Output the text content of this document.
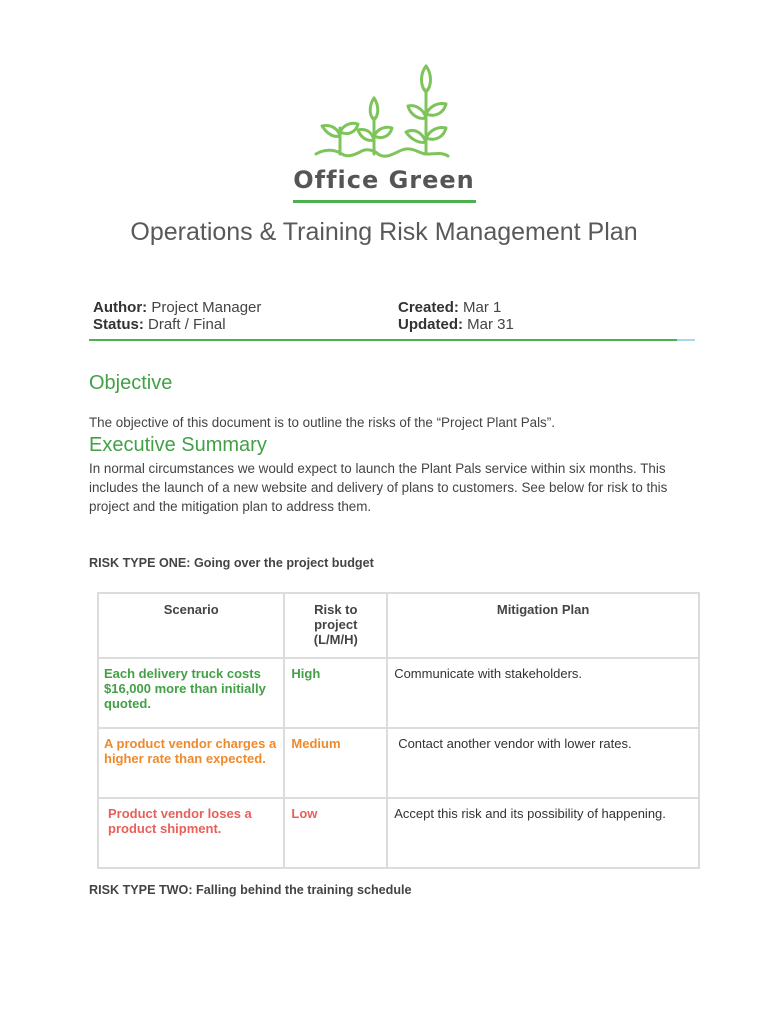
Office Green
Operations & Training Risk Management Plan
Author: Project Manager
Status: Draft / Final
Created: Mar 1
Updated: Mar 31
Objective
The objective of this document is to outline the risks of the “Project Plant Pals”.
Executive Summary
In normal circumstances we would expect to launch the Plant Pals service within six months. This includes the launch of a new website and delivery of plans to customers. See below for risk to this project and the mitigation plan to address them.
RISK TYPE ONE: Going over the project budget
Scenario	Risk to project (L/M/H)	Mitigation Plan
Each delivery truck costs $16,000 more than initially quoted.	High	Communicate with stakeholders.
A product vendor charges a higher rate than expected.	Medium	Contact another vendor with lower rates.
Product vendor loses a product shipment.	Low	Accept this risk and its possibility of happening.
RISK TYPE TWO: Falling behind the training schedule
